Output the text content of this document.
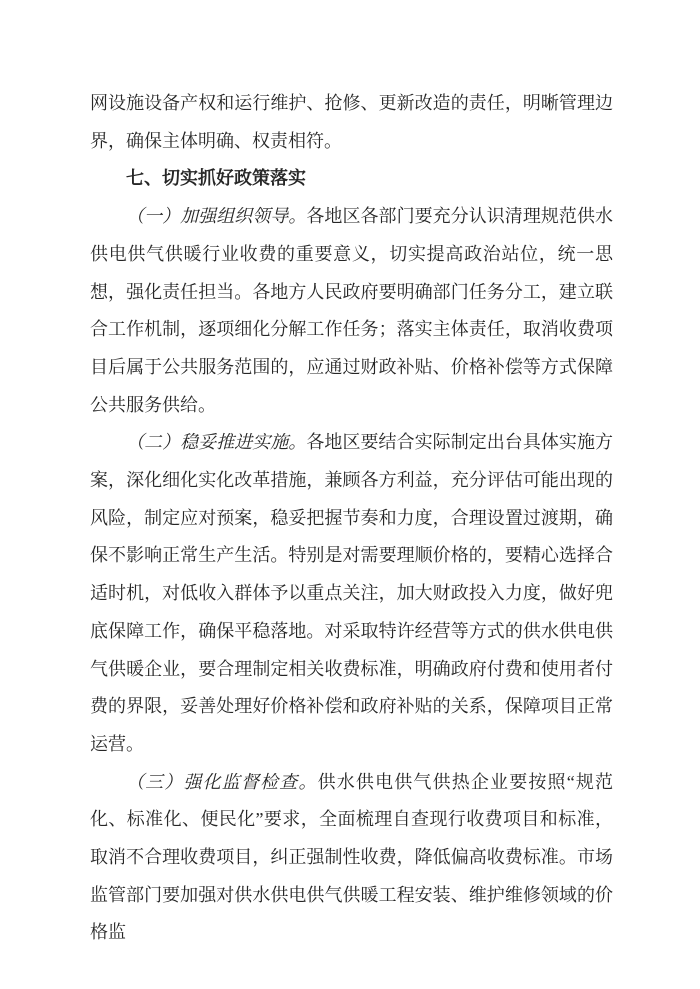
网设施设备产权和运行维护、抢修、更新改造的责任，明晰管理边界，确保主体明确、权责相符。

七、切实抓好政策落实

（一）加强组织领导。各地区各部门要充分认识清理规范供水供电供气供暖行业收费的重要意义，切实提高政治站位，统一思想，强化责任担当。各地方人民政府要明确部门任务分工，建立联合工作机制，逐项细化分解工作任务；落实主体责任，取消收费项目后属于公共服务范围的，应通过财政补贴、价格补偿等方式保障公共服务供给。

（二）稳妥推进实施。各地区要结合实际制定出台具体实施方案，深化细化实化改革措施，兼顾各方利益，充分评估可能出现的风险，制定应对预案，稳妥把握节奏和力度，合理设置过渡期，确保不影响正常生产生活。特别是对需要理顺价格的，要精心选择合适时机，对低收入群体予以重点关注，加大财政投入力度，做好兜底保障工作，确保平稳落地。对采取特许经营等方式的供水供电供气供暖企业，要合理制定相关收费标准，明确政府付费和使用者付费的界限，妥善处理好价格补偿和政府补贴的关系，保障项目正常运营。

（三）强化监督检查。供水供电供气供热企业要按照“规范化、标准化、便民化”要求，全面梳理自查现行收费项目和标准，取消不合理收费项目，纠正强制性收费，降低偏高收费标准。市场监管部门要加强对供水供电供气供暖工程安装、维护维修领域的价格监
